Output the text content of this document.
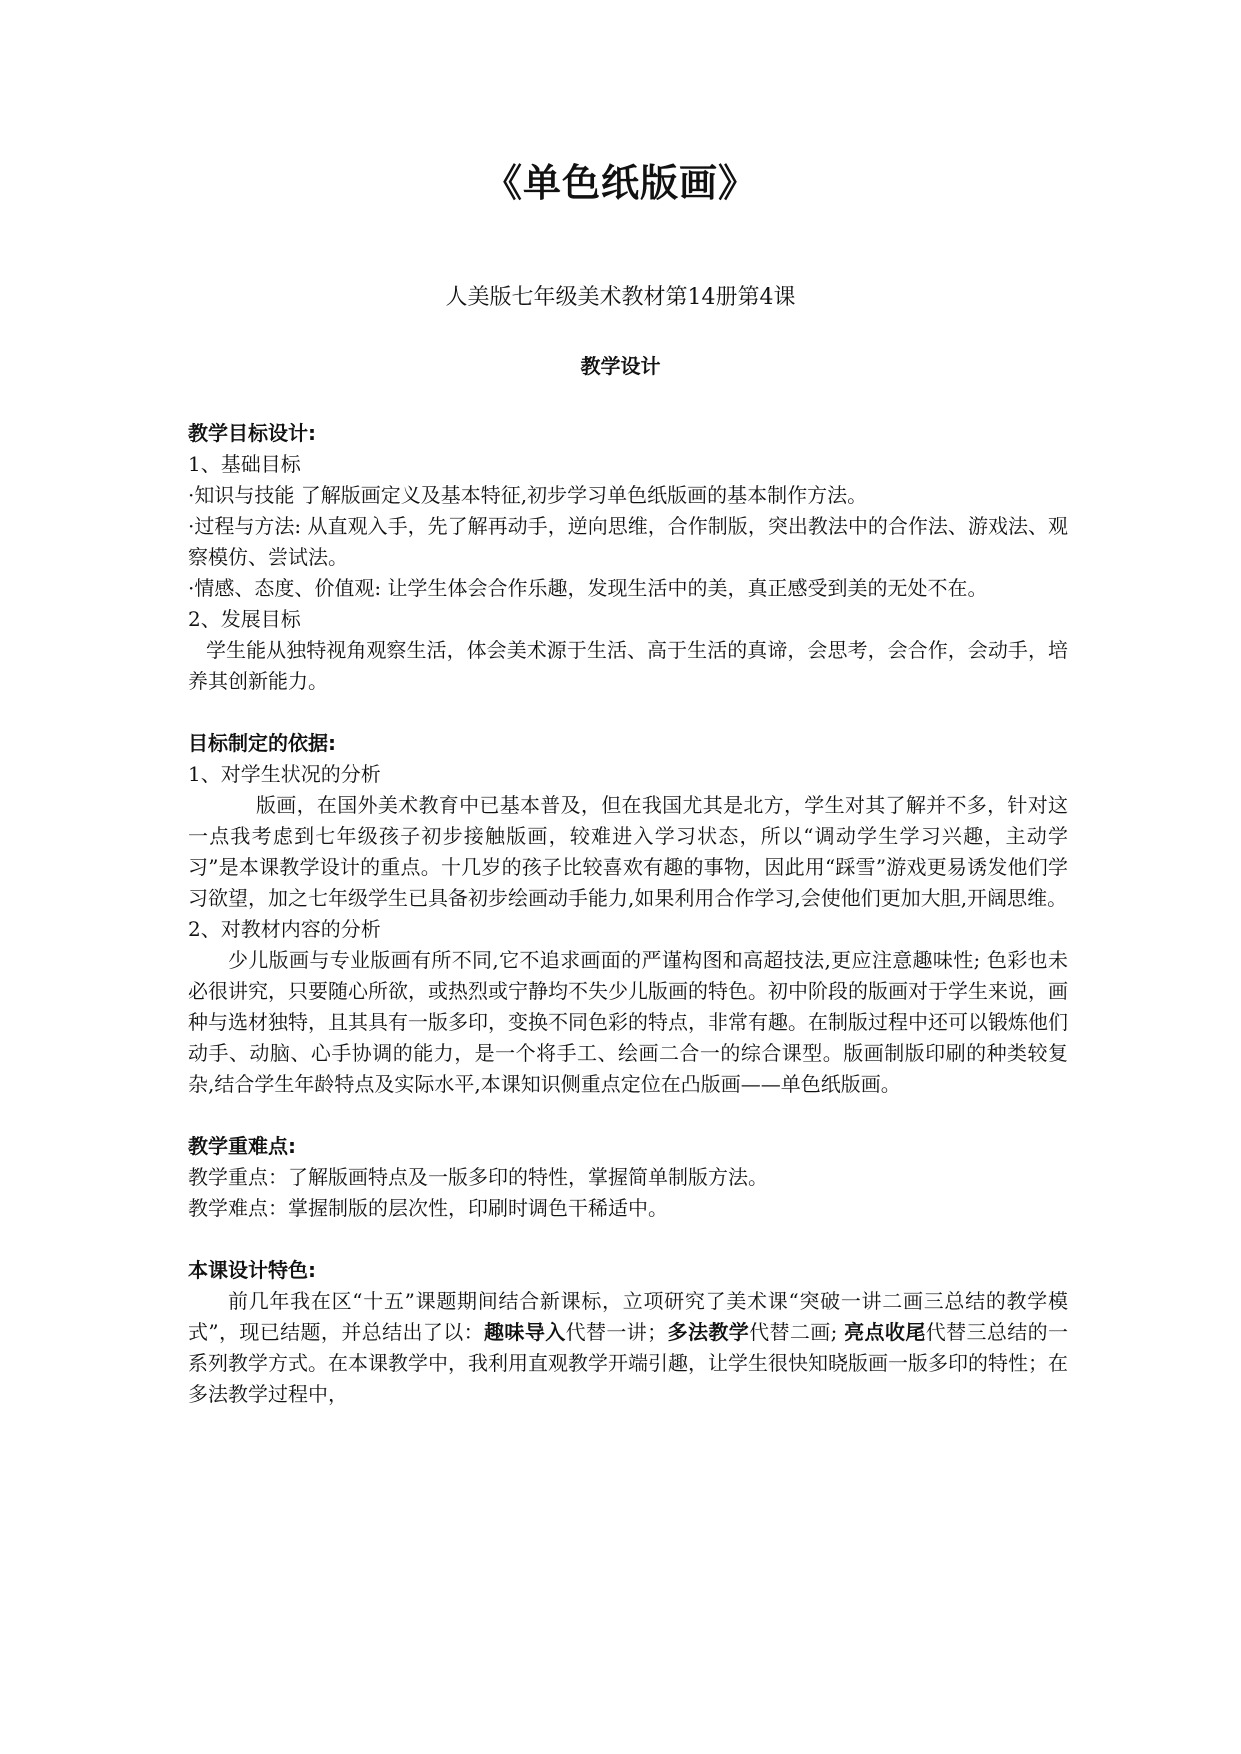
《单色纸版画》
人美版七年级美术教材第14册第4课
教学设计
教学目标设计:

1、基础目标

·知识与技能 了解版画定义及基本特征,初步学习单色纸版画的基本制作方法。

·过程与方法: 从直观入手，先了解再动手，逆向思维，合作制版，突出教法中的合作法、游戏法、观察模仿、尝试法。

·情感、态度、价值观: 让学生体会合作乐趣，发现生活中的美，真正感受到美的无处不在。

2、发展目标

学生能从独特视角观察生活，体会美术源于生活、高于生活的真谛，会思考，会合作，会动手，培养其创新能力。

目标制定的依据:

1、对学生状况的分析

版画，在国外美术教育中已基本普及，但在我国尤其是北方，学生对其了解并不多，针对这一点我考虑到七年级孩子初步接触版画，较难进入学习状态，所以“调动学生学习兴趣，主动学习”是本课教学设计的重点。十几岁的孩子比较喜欢有趣的事物，因此用“踩雪”游戏更易诱发他们学习欲望，加之七年级学生已具备初步绘画动手能力,如果利用合作学习,会使他们更加大胆,开阔思维。

2、对教材内容的分析

少儿版画与专业版画有所不同,它不追求画面的严谨构图和高超技法,更应注意趣味性; 色彩也未必很讲究，只要随心所欲，或热烈或宁静均不失少儿版画的特色。初中阶段的版画对于学生来说，画种与选材独特，且其具有一版多印，变换不同色彩的特点，非常有趣。在制版过程中还可以锻炼他们动手、动脑、心手协调的能力，是一个将手工、绘画二合一的综合课型。版画制版印刷的种类较复杂,结合学生年龄特点及实际水平,本课知识侧重点定位在凸版画——单色纸版画。

教学重难点:

教学重点：了解版画特点及一版多印的特性，掌握简单制版方法。

教学难点：掌握制版的层次性，印刷时调色干稀适中。

本课设计特色:

前几年我在区“十五”课题期间结合新课标，立项研究了美术课“突破一讲二画三总结的教学模式”，现已结题，并总结出了以：趣味导入代替一讲；多法教学代替二画; 亮点收尾代替三总结的一系列教学方式。在本课教学中，我利用直观教学开端引趣，让学生很快知晓版画一版多印的特性；在多法教学过程中，
